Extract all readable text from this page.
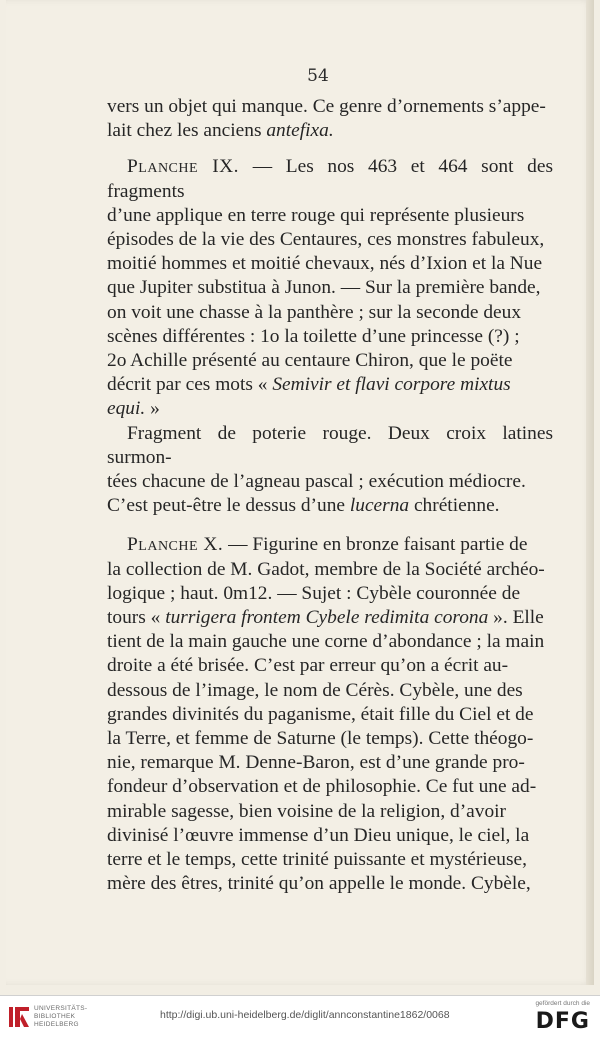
54

vers un objet qui manque. Ce genre d’ornements s’appe-

lait chez les anciens antefixa.

Planche IX. — Les nos 463 et 464 sont des fragments

d’une applique en terre rouge qui représente plusieurs

épisodes de la vie des Centaures, ces monstres fabuleux,

moitié hommes et moitié chevaux, nés d’Ixion et la Nue

que Jupiter substitua à Junon. — Sur la première bande,

on voit une chasse à la panthère ; sur la seconde deux

scènes différentes : 1o la toilette d’une princesse (?) ;

2o Achille présenté au centaure Chiron, que le poëte

décrit par ces mots « Semivir et flavi corpore mixtus

equi. »

Fragment de poterie rouge. Deux croix latines surmon-

tées chacune de l’agneau pascal ; exécution médiocre.

C’est peut-être le dessus d’une lucerna chrétienne.

Planche X. — Figurine en bronze faisant partie de

la collection de M. Gadot, membre de la Société archéo-

logique ; haut. 0m12. — Sujet : Cybèle couronnée de

tours « turrigera frontem Cybele redimita corona ». Elle

tient de la main gauche une corne d’abondance ; la main

droite a été brisée. C’est par erreur qu’on a écrit au-

dessous de l’image, le nom de Cérès. Cybèle, une des

grandes divinités du paganisme, était fille du Ciel et de

la Terre, et femme de Saturne (le temps). Cette théogo-

nie, remarque M. Denne-Baron, est d’une grande pro-

fondeur d’observation et de philosophie. Ce fut une ad-

mirable sagesse, bien voisine de la religion, d’avoir

divinisé l’œuvre immense d’un Dieu unique, le ciel, la

terre et le temps, cette trinité puissante et mystérieuse,

mère des êtres, trinité qu’on appelle le monde. Cybèle,

UNIVERSITÄTS-
BIBLIOTHEK
HEIDELBERG
http://digi.ub.uni-heidelberg.de/diglit/annconstantine1862/0068
gefördert durch die
DFG
